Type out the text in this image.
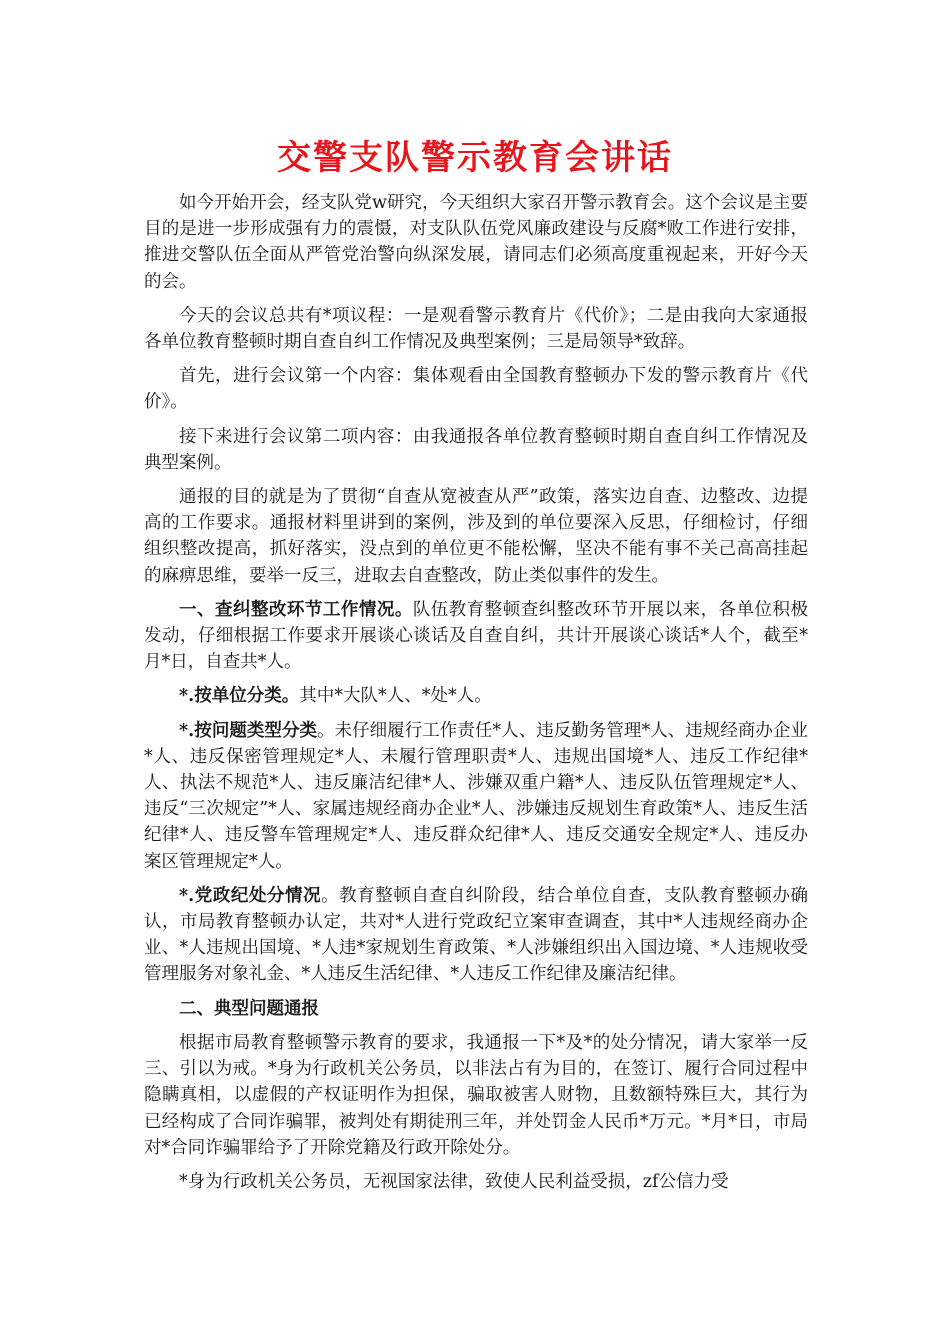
交警支队警示教育会讲话

如今开始开会，经支队党w研究，今天组织大家召开警示教育会。这个会议是主要目的是进一步形成强有力的震慑，对支队队伍党风廉政建设与反腐*败工作进行安排，推进交警队伍全面从严管党治警向纵深发展，请同志们必须高度重视起来，开好今天的会。

今天的会议总共有*项议程：一是观看警示教育片《代价》；二是由我向大家通报各单位教育整顿时期自查自纠工作情况及典型案例；三是局领导*致辞。

首先，进行会议第一个内容：集体观看由全国教育整顿办下发的警示教育片《代价》。

接下来进行会议第二项内容：由我通报各单位教育整顿时期自查自纠工作情况及典型案例。

通报的目的就是为了贯彻“自查从宽被查从严”政策，落实边自查、边整改、边提高的工作要求。通报材料里讲到的案例，涉及到的单位要深入反思，仔细检讨，仔细组织整改提高，抓好落实，没点到的单位更不能松懈，坚决不能有事不关己高高挂起的麻痹思维，要举一反三，进取去自查整改，防止类似事件的发生。

一、查纠整改环节工作情况。队伍教育整顿查纠整改环节开展以来，各单位积极发动，仔细根据工作要求开展谈心谈话及自查自纠，共计开展谈心谈话*人个，截至*月*日，自查共*人。

*.按单位分类。其中*大队*人、*处*人。

*.按问题类型分类。未仔细履行工作责任*人、违反勤务管理*人、违规经商办企业*人、违反保密管理规定*人、未履行管理职责*人、违规出国境*人、违反工作纪律*人、执法不规范*人、违反廉洁纪律*人、涉嫌双重户籍*人、违反队伍管理规定*人、违反“三次规定”*人、家属违规经商办企业*人、涉嫌违反规划生育政策*人、违反生活纪律*人、违反警车管理规定*人、违反群众纪律*人、违反交通安全规定*人、违反办案区管理规定*人。

*.党政纪处分情况。教育整顿自查自纠阶段，结合单位自查，支队教育整顿办确认，市局教育整顿办认定，共对*人进行党政纪立案审查调查，其中*人违规经商办企业、*人违规出国境、*人违*家规划生育政策、*人涉嫌组织出入国边境、*人违规收受管理服务对象礼金、*人违反生活纪律、*人违反工作纪律及廉洁纪律。

二、典型问题通报

根据市局教育整顿警示教育的要求，我通报一下*及*的处分情况，请大家举一反三、引以为戒。*身为行政机关公务员，以非法占有为目的，在签订、履行合同过程中隐瞒真相，以虚假的产权证明作为担保，骗取被害人财物，且数额特殊巨大，其行为已经构成了合同诈骗罪，被判处有期徒刑三年，并处罚金人民币*万元。*月*日，市局对*合同诈骗罪给予了开除党籍及行政开除处分。

*身为行政机关公务员，无视国家法律，致使人民利益受损，zf公信力受
